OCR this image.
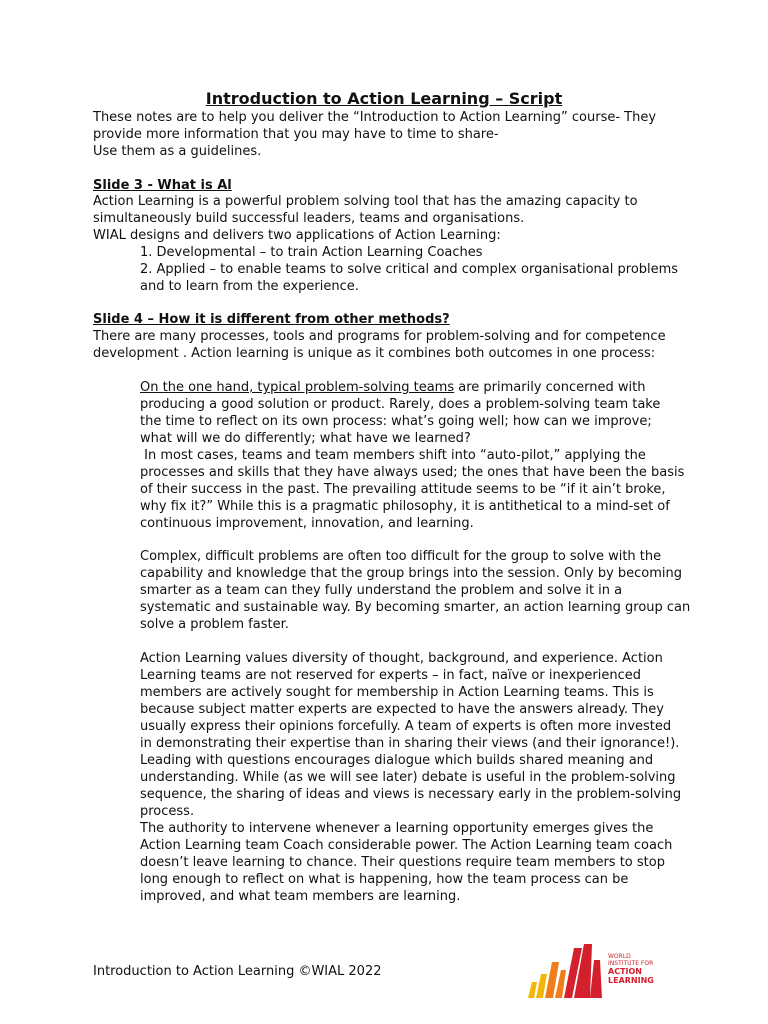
Introduction to Action Learning – Script
These notes are to help you deliver the “Introduction to Action Learning” course- They
provide more information that you may have to time to share-
Use them as a guidelines.
Slide 3 - What is Al
Action Learning is a powerful problem solving tool that has the amazing capacity to
simultaneously build successful leaders, teams and organisations.
WIAL designs and delivers two applications of Action Learning:
1. Developmental – to train Action Learning Coaches
2. Applied – to enable teams to solve critical and complex organisational problems
and to learn from the experience.
Slide 4 – How it is different from other methods?
There are many processes, tools and programs for problem-solving and for competence
development . Action learning is unique as it combines both outcomes in one process:
On the one hand, typical problem-solving teams are primarily concerned with
producing a good solution or product. Rarely, does a problem-solving team take
the time to reflect on its own process: what’s going well; how can we improve;
what will we do differently; what have we learned?
In most cases, teams and team members shift into “auto-pilot,” applying the
processes and skills that they have always used; the ones that have been the basis
of their success in the past. The prevailing attitude seems to be “if it ain’t broke,
why fix it?” While this is a pragmatic philosophy, it is antithetical to a mind-set of
continuous improvement, innovation, and learning.
Complex, difficult problems are often too difficult for the group to solve with the
capability and knowledge that the group brings into the session. Only by becoming
smarter as a team can they fully understand the problem and solve it in a
systematic and sustainable way. By becoming smarter, an action learning group can
solve a problem faster.
Action Learning values diversity of thought, background, and experience. Action
Learning teams are not reserved for experts – in fact, naïve or inexperienced
members are actively sought for membership in Action Learning teams. This is
because subject matter experts are expected to have the answers already. They
usually express their opinions forcefully. A team of experts is often more invested
in demonstrating their expertise than in sharing their views (and their ignorance!).
Leading with questions encourages dialogue which builds shared meaning and
understanding. While (as we will see later) debate is useful in the problem-solving
sequence, the sharing of ideas and views is necessary early in the problem-solving
process.
The authority to intervene whenever a learning opportunity emerges gives the
Action Learning team Coach considerable power. The Action Learning team coach
doesn’t leave learning to chance. Their questions require team members to stop
long enough to reflect on what is happening, how the team process can be
improved, and what team members are learning.
Introduction to Action Learning ©WIAL 2022
WORLD
INSTITUTE FOR
ACTION
LEARNING
